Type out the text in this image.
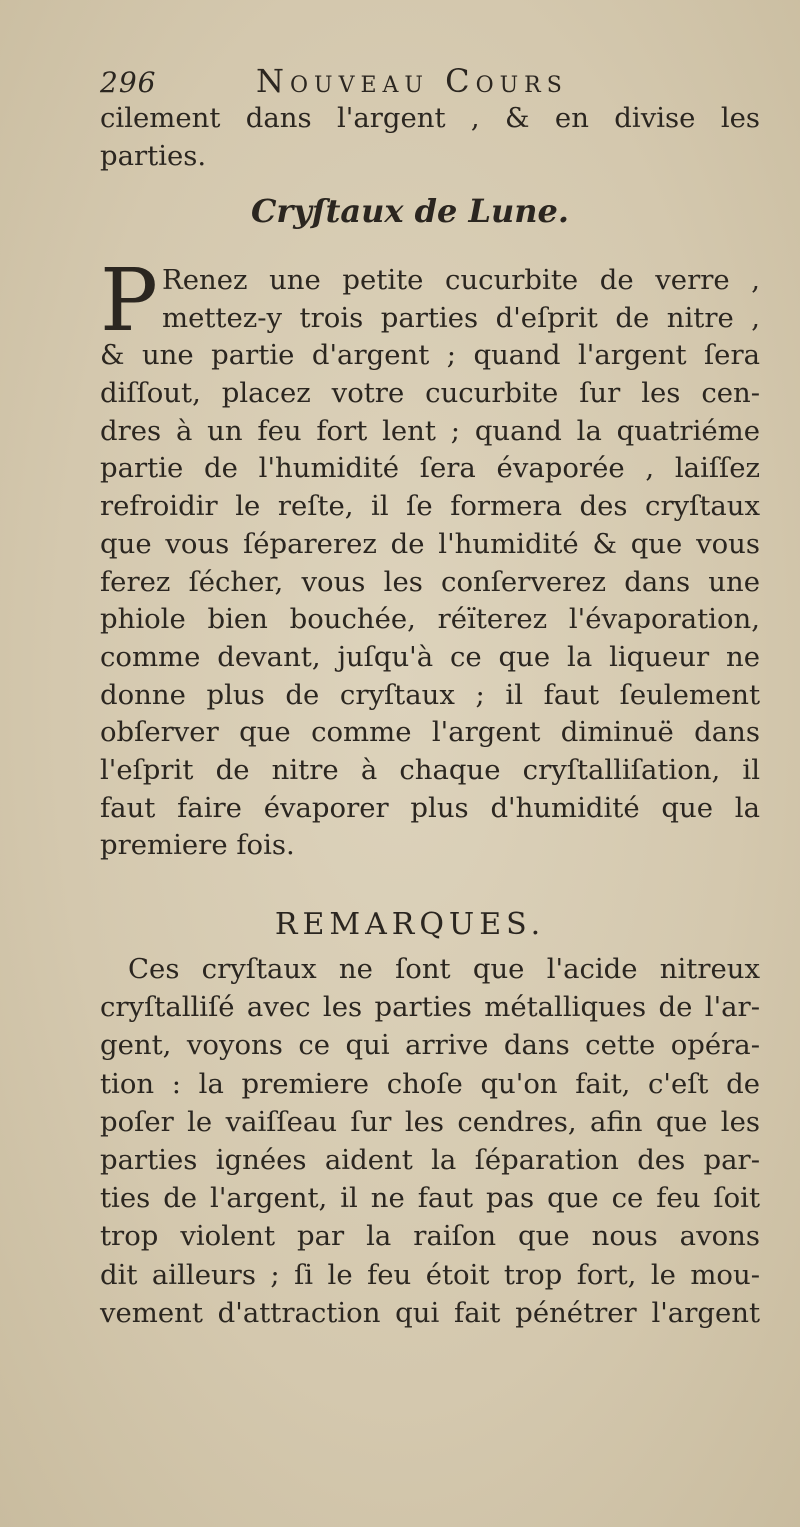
296	Nouveau Cours
cilement dans l'argent , & en divise les
parties.
Cryſtaux de Lune.
P Renez une petite cucurbite de verre ,
mettez-y trois parties d'eſprit de nitre ,
& une partie d'argent ; quand l'argent ſera
diſſout, placez votre cucurbite ſur les cen-
dres à un feu fort lent ; quand la quatriéme
partie de l'humidité ſera évaporée , laiſſez
refroidir le reſte, il ſe formera des cryſtaux
que vous ſéparerez de l'humidité & que vous
ferez ſécher, vous les conſerverez dans une
phiole bien bouchée, réïterez l'évaporation,
comme devant, juſqu'à ce que la liqueur ne
donne plus de cryſtaux ; il faut ſeulement
obſerver que comme l'argent diminuë dans
l'eſprit de nitre à chaque cryſtalliſation, il
faut faire évaporer plus d'humidité que la
premiere fois.
REMARQUES.
Ces cryſtaux ne ſont que l'acide nitreux
cryſtalliſé avec les parties métalliques de l'ar-
gent, voyons ce qui arrive dans cette opéra-
tion : la premiere choſe qu'on fait, c'eſt de
poſer le vaiſſeau ſur les cendres, afin que les
parties ignées aident la ſéparation des par-
ties de l'argent, il ne faut pas que ce feu ſoit
trop violent par la raiſon que nous avons
dit ailleurs ; ſi le feu étoit trop fort, le mou-
vement d'attraction qui fait pénétrer l'argent
